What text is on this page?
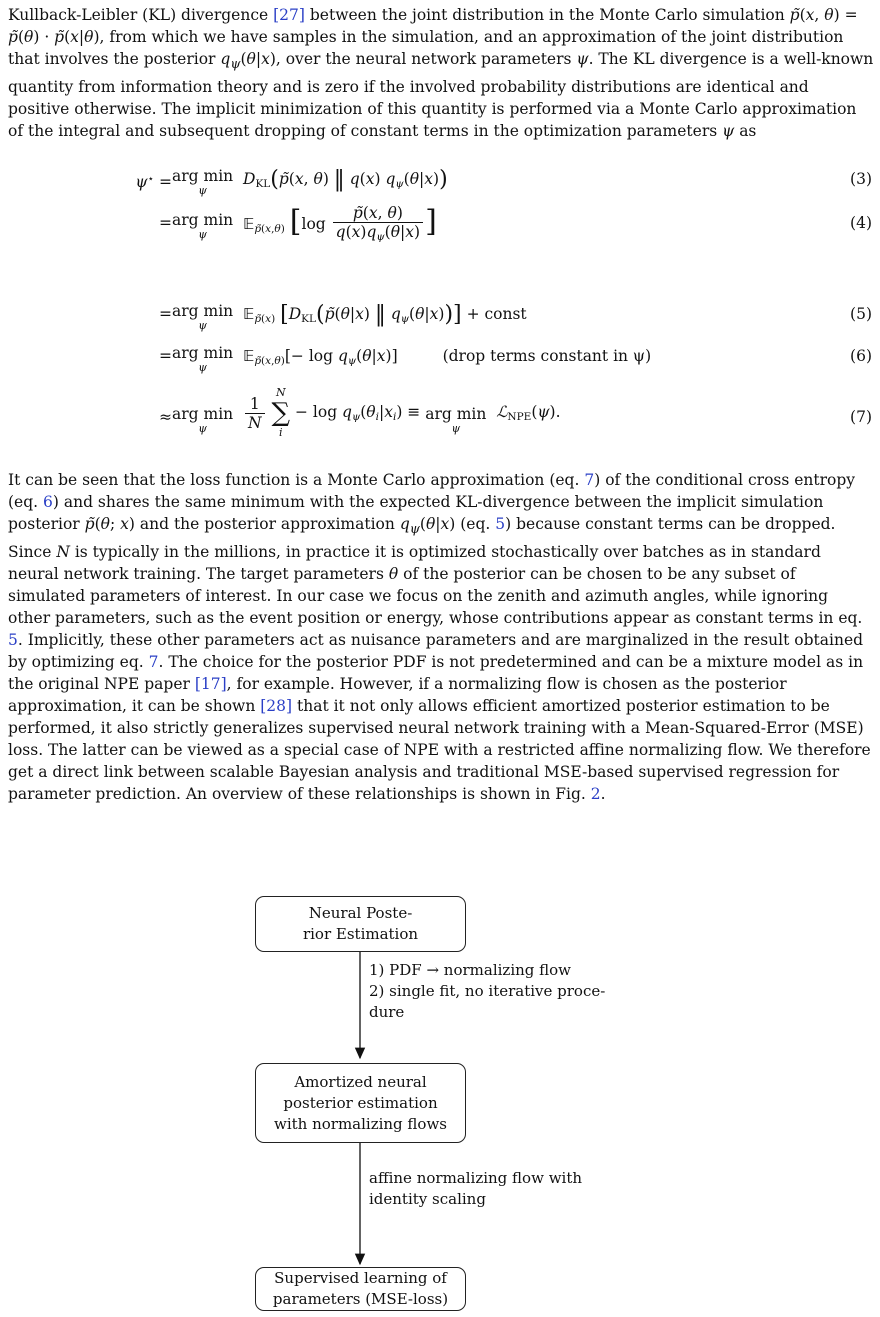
Kullback-Leibler (KL) divergence [27] between the joint distribution in the Monte Carlo simulation p̃(x, θ) = p̃(θ) · p̃(x|θ), from which we have samples in the simulation, and an approximation of the joint distribution that involves the posterior $q_\psi(\theta|x)$, over the neural network parameters ψ. The KL divergence is a well-known quantity from information theory and is zero if the involved probability distributions are identical and positive otherwise. The implicit minimization of this quantity is performed via a Monte Carlo approximation of the integral and subsequent dropping of constant terms in the optimization parameters ψ as

ψ⋆ = arg min
ψ
DKL(p̃(x, θ) ‖ q(x) qψ(θ|x))	(3)
= arg min
ψ
𝔼p̃(x,θ) [$\log \frac{p̃(x, \theta)}{q(x)q\psi(\theta|x)}$ ]	(4)
= arg min
ψ
𝔼p̃(x) [DKL(p̃(θ|x) ‖ qψ(θ|x))] + const	(5)
= arg min
ψ
𝔼p̃(x,θ)[− log qψ(θ|x)]	(drop terms constant in ψ)	(6)
≈ arg min
ψ
	$\frac{1}{N}$

N
∑
i
− log qψ(θi|xi) ≡ arg min
ψ
ℒNPE(ψ).	(7)

It can be seen that the loss function is a Monte Carlo approximation (eq. 7) of the conditional cross entropy (eq. 6) and shares the same minimum with the expected KL-divergence between the implicit simulation posterior p̃(θ; x) and the posterior approximation $q_\psi(\theta|x)$ (eq. 5) because constant terms can be dropped. Since N is typically in the millions, in practice it is optimized stochastically over batches as in standard neural network training. The target parameters θ of the posterior can be chosen to be any subset of simulated parameters of interest. In our case we focus on the zenith and azimuth angles, while ignoring other parameters, such as the event position or energy, whose contributions appear as constant terms in eq. 5. Implicitly, these other parameters act as nuisance parameters and are marginalized in the result obtained by optimizing eq. 7. The choice for the posterior PDF is not predetermined and can be a mixture model as in the original NPE paper [17], for example. However, if a normalizing flow is chosen as the posterior approximation, it can be shown [28] that it not only allows efficient amortized posterior estimation to be performed, it also strictly generalizes supervised neural network training with a Mean-Squared-Error (MSE) loss. The latter can be viewed as a special case of NPE with a restricted affine normalizing flow. We therefore get a direct link between scalable Bayesian analysis and traditional MSE-based supervised regression for parameter prediction. An overview of these relationships is shown in Fig. 2.

Neural Poste-
rior Estimation
Amortized neural
posterior estimation
with normalizing flows
Supervised learning of
parameters (MSE-loss)
1) PDF → normalizing flow
2) single fit, no iterative proce-
dure
affine normalizing flow with
identity scaling
